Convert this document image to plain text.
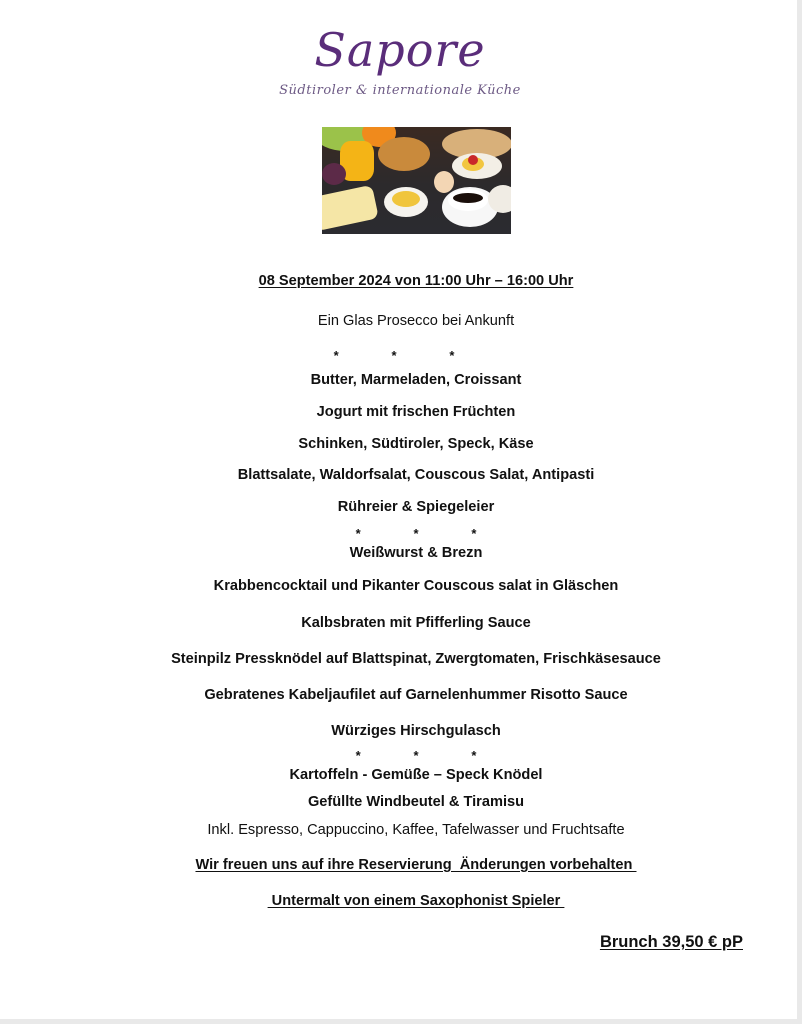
Sapore
Südtiroler & internationale Küche
08 September 2024 von 11:00 Uhr – 16:00 Uhr
Ein Glas Prosecco bei Ankunft
*   *   *
Butter, Marmeladen, Croissant
Jogurt mit frischen Früchten
Schinken, Südtiroler, Speck, Käse
Blattsalate, Waldorfsalat, Couscous Salat, Antipasti
Rühreier & Spiegeleier
*   *   *
Weißwurst & Brezn
Krabbencocktail und Pikanter Couscous salat in Gläschen
Kalbsbraten mit Pfifferling Sauce
Steinpilz Pressknödel auf Blattspinat, Zwergtomaten, Frischkäsesauce
Gebratenes Kabeljaufilet auf Garnelenhummer Risotto Sauce
Würziges Hirschgulasch
*   *   *
Kartoffeln - Gemüße – Speck Knödel
Gefüllte Windbeutel & Tiramisu
Inkl. Espresso, Cappuccino, Kaffee, Tafelwasser und Fruchtsafte
Wir freuen uns auf ihre Reservierung  Änderungen vorbehalten
Untermalt von einem Saxophonist Spieler
Brunch 39,50 € pP
